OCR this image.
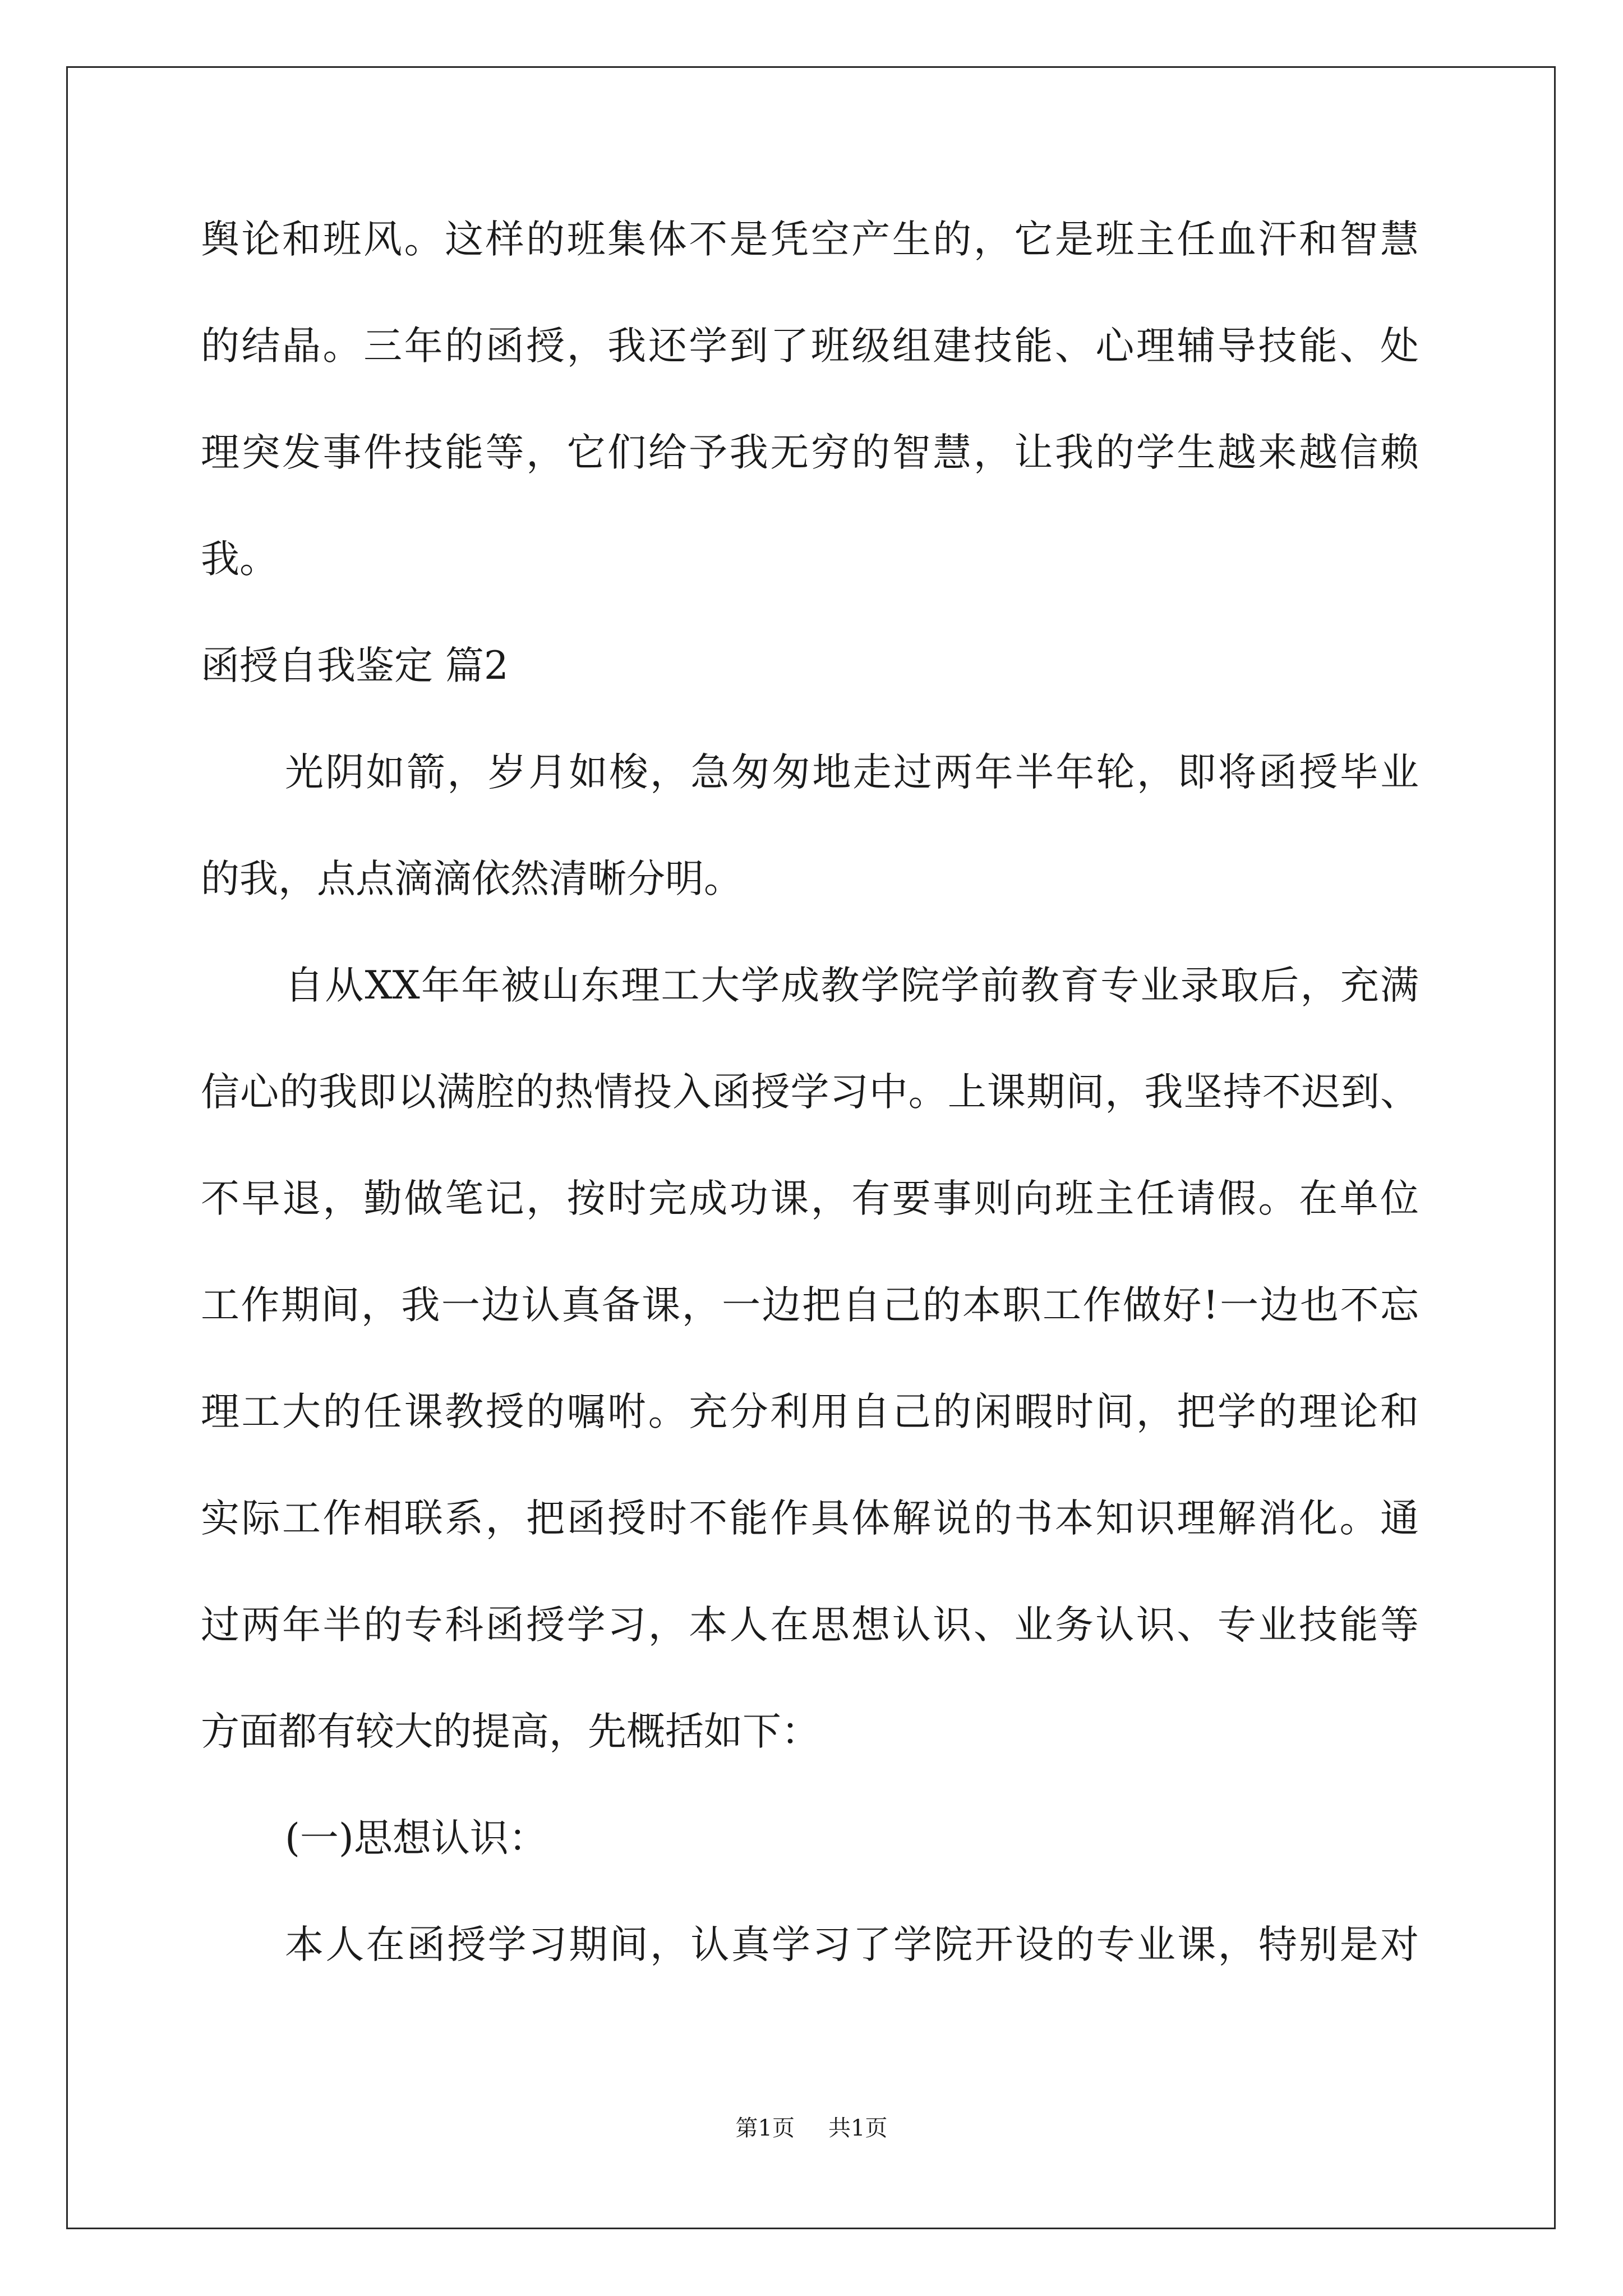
舆论和班风。这样的班集体不是凭空产生的，它是班主任血汗和智慧
的结晶。三年的函授，我还学到了班级组建技能、心理辅导技能、处
理突发事件技能等，它们给予我无穷的智慧，让我的学生越来越信赖
我。
函授自我鉴定 篇2
光阴如箭，岁月如梭，急匆匆地走过两年半年轮，即将函授毕业
的我，点点滴滴依然清晰分明。
自从XX年年被山东理工大学成教学院学前教育专业录取后，充满
信心的我即以满腔的热情投入函授学习中。上课期间，我坚持不迟到、
不早退，勤做笔记，按时完成功课，有要事则向班主任请假。在单位
工作期间，我一边认真备课，一边把自己的本职工作做好!一边也不忘
理工大的任课教授的嘱咐。充分利用自己的闲暇时间，把学的理论和
实际工作相联系，把函授时不能作具体解说的书本知识理解消化。通
过两年半的专科函授学习，本人在思想认识、业务认识、专业技能等
方面都有较大的提高，先概括如下：
(一)思想认识：
本人在函授学习期间，认真学习了学院开设的专业课，特别是对
第1页 共1页
